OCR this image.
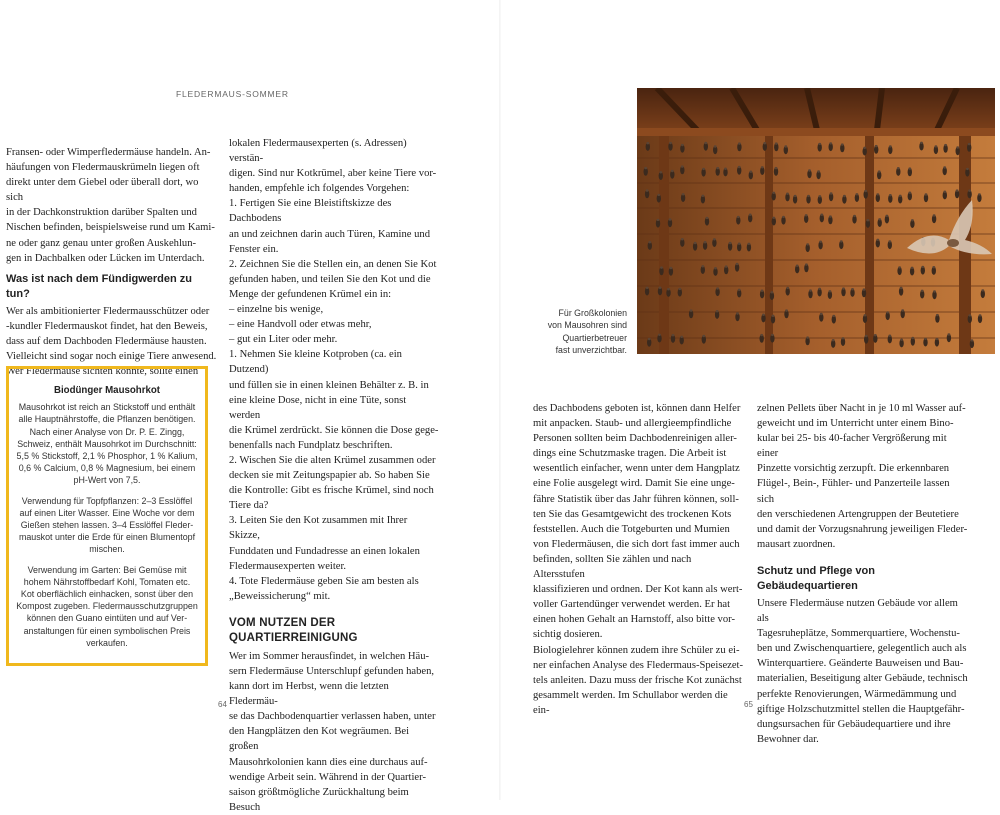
FLEDERMAUS-SOMMER
Fransen- oder Wimperfledermäuse handeln. An-
häufungen von Fledermauskrümeln liegen oft
direkt unter dem Giebel oder überall dort, wo sich
in der Dachkonstruktion darüber Spalten und
Nischen befinden, beispielsweise rund um Kami-
ne oder ganz genau unter großen Auskehlun-
gen in Dachbalken oder Lücken im Unterdach.
Was ist nach dem Fündigwerden zu tun?
Wer als ambitionierter Fledermausschützer oder
-kundler Fledermauskot findet, hat den Beweis,
dass auf dem Dachboden Fledermäuse hausten.
Vielleicht sind sogar noch einige Tiere anwesend.
Wer Fledermäuse sichten konnte, sollte einen
Biodünger Mausohrkot

Mausohrkot ist reich an Stickstoff und enthält
alle Hauptnährstoffe, die Pflanzen benötigen.
Nach einer Analyse von Dr. P. E. Zingg,
Schweiz, enthält Mausohrkot im Durchschnitt:
5,5 % Stickstoff, 2,1 % Phosphor, 1 % Kalium,
0,6 % Calcium, 0,8 % Magnesium, bei einem
pH-Wert von 7,5.

Verwendung für Topfpflanzen: 2–3 Esslöffel
auf einen Liter Wasser. Eine Woche vor dem
Gießen stehen lassen. 3–4 Esslöffel Fleder-
mauskot unter die Erde für einen Blumentopf
mischen.

Verwendung im Garten: Bei Gemüse mit
hohem Nährstoffbedarf Kohl, Tomaten etc.
Kot oberflächlich einhacken, sonst über den
Kompost zugeben. Fledermausschutzgruppen
können den Guano eintüten und auf Ver-
anstaltungen für einen symbolischen Preis
verkaufen.

lokalen Fledermausexperten (s. Adressen) verstän-
digen. Sind nur Kotkrümel, aber keine Tiere vor-
handen, empfehle ich folgendes Vorgehen:
1. Fertigen Sie eine Bleistiftskizze des Dachbodens
an und zeichnen darin auch Türen, Kamine und
Fenster ein.
2. Zeichnen Sie die Stellen ein, an denen Sie Kot
gefunden haben, und teilen Sie den Kot und die
Menge der gefundenen Krümel ein in:
– einzelne bis wenige,
– eine Handvoll oder etwas mehr,
– gut ein Liter oder mehr.
1. Nehmen Sie kleine Kotproben (ca. ein Dutzend)
und füllen sie in einen kleinen Behälter z. B. in
eine kleine Dose, nicht in eine Tüte, sonst werden
die Krümel zerdrückt. Sie können die Dose gege-
benenfalls nach Fundplatz beschriften.
2. Wischen Sie die alten Krümel zusammen oder
decken sie mit Zeitungspapier ab. So haben Sie
die Kontrolle: Gibt es frische Krümel, sind noch
Tiere da?
3. Leiten Sie den Kot zusammen mit Ihrer Skizze,
Funddaten und Fundadresse an einen lokalen
Fledermausexperten weiter.
4. Tote Fledermäuse geben Sie am besten als
„Beweissicherung“ mit.
VOM NUTZEN DER
QUARTIERREINIGUNG
Wer im Sommer herausfindet, in welchen Häu-
sern Fledermäuse Unterschlupf gefunden haben,
kann dort im Herbst, wenn die letzten Fledermäu-
se das Dachbodenquartier verlassen haben, unter
den Hangplätzen den Kot wegräumen. Bei großen
Mausohrkolonien kann dies eine durchaus auf-
wendige Arbeit sein. Während in der Quartier-
saison größtmögliche Zurückhaltung beim Besuch
64
Für Großkolonien
von Mausohren sind
Quartierbetreuer
fast unverzichtbar.
des Dachbodens geboten ist, können dann Helfer
mit anpacken. Staub- und allergieempfindliche
Personen sollten beim Dachbodenreinigen aller-
dings eine Schutzmaske tragen. Die Arbeit ist
wesentlich einfacher, wenn unter dem Hangplatz
eine Folie ausgelegt wird. Damit Sie eine unge-
fähre Statistik über das Jahr führen können, soll-
ten Sie das Gesamtgewicht des trockenen Kots
feststellen. Auch die Totgeburten und Mumien
von Fledermäusen, die sich dort fast immer auch
befinden, sollten Sie zählen und nach Altersstufen
klassifizieren und ordnen. Der Kot kann als wert-
voller Gartendünger verwendet werden. Er hat
einen hohen Gehalt an Harnstoff, also bitte vor-
sichtig dosieren.
Biologielehrer können zudem ihre Schüler zu ei-
ner einfachen Analyse des Fledermaus-Speisezet-
tels anleiten. Dazu muss der frische Kot zunächst
gesammelt werden. Im Schullabor werden die ein-
zelnen Pellets über Nacht in je 10 ml Wasser auf-
geweicht und im Unterricht unter einem Bino-
kular bei 25- bis 40-facher Vergrößerung mit einer
Pinzette vorsichtig zerzupft. Die erkennbaren
Flügel-, Bein-, Fühler- und Panzerteile lassen sich
den verschiedenen Artengruppen der Beutetiere
und damit der Vorzugsnahrung jeweiligen Fleder-
mausart zuordnen.
Schutz und Pflege von Gebäudequartieren
Unsere Fledermäuse nutzen Gebäude vor allem als
Tagesruheplätze, Sommerquartiere, Wochenstu-
ben und Zwischenquartiere, gelegentlich auch als
Winterquartiere. Geänderte Bauweisen und Bau-
materialien, Beseitigung alter Gebäude, technisch
perfekte Renovierungen, Wärmedämmung und
giftige Holzschutzmittel stellen die Hauptgefähr-
dungsursachen für Gebäudequartiere und ihre
Bewohner dar.
65
